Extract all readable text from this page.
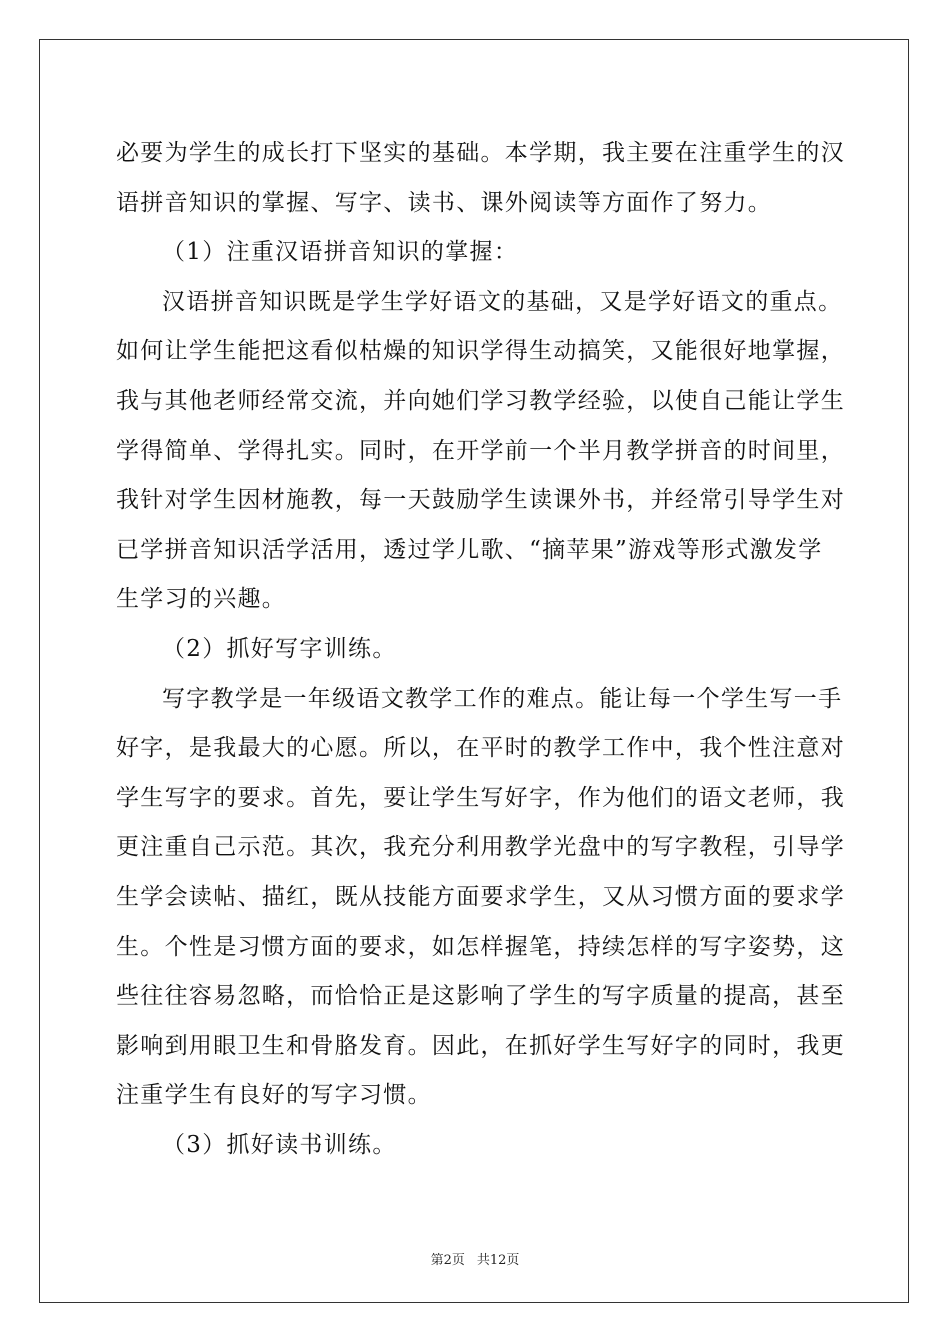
必要为学生的成长打下坚实的基础。本学期，我主要在注重学生的汉
语拼音知识的掌握、写字、读书、课外阅读等方面作了努力。
（1）注重汉语拼音知识的掌握：
汉语拼音知识既是学生学好语文的基础，又是学好语文的重点。
如何让学生能把这看似枯燥的知识学得生动搞笑，又能很好地掌握，
我与其他老师经常交流，并向她们学习教学经验，以使自己能让学生
学得简单、学得扎实。同时，在开学前一个半月教学拼音的时间里，
我针对学生因材施教，每一天鼓励学生读课外书，并经常引导学生对
已学拼音知识活学活用，透过学儿歌、“摘苹果”游戏等形式激发学
生学习的兴趣。
（2）抓好写字训练。
写字教学是一年级语文教学工作的难点。能让每一个学生写一手
好字，是我最大的心愿。所以，在平时的教学工作中，我个性注意对
学生写字的要求。首先，要让学生写好字，作为他们的语文老师，我
更注重自己示范。其次，我充分利用教学光盘中的写字教程，引导学
生学会读帖、描红，既从技能方面要求学生，又从习惯方面的要求学
生。个性是习惯方面的要求，如怎样握笔，持续怎样的写字姿势，这
些往往容易忽略，而恰恰正是这影响了学生的写字质量的提高，甚至
影响到用眼卫生和骨胳发育。因此，在抓好学生写好字的同时，我更
注重学生有良好的写字习惯。
（3）抓好读书训练。
第2页 共12页
